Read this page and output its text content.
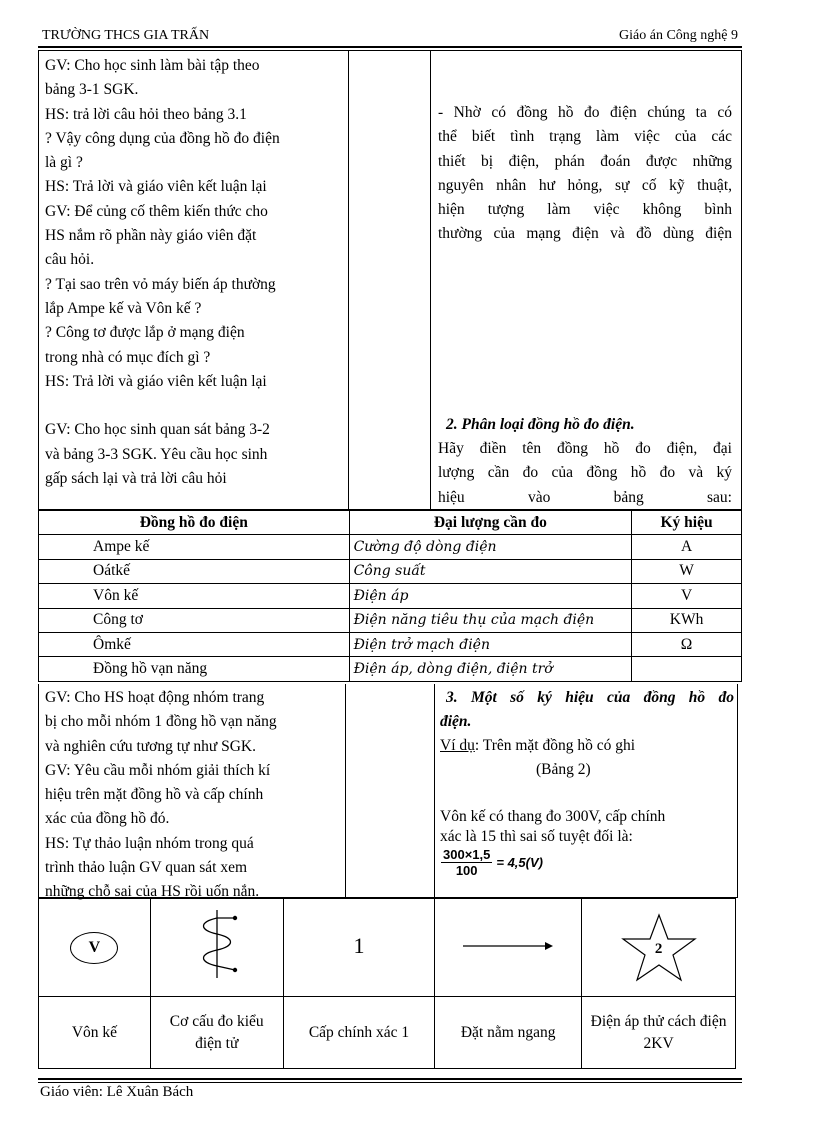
TRƯỜNG THCS GIA TRẤN	Giáo án Công nghệ 9
GV: Cho học sinh làm bài tập theo
bảng 3-1 SGK.
HS: trả lời câu hỏi theo bảng 3.1
? Vậy công dụng của đồng hồ đo điện
là gì ?
HS: Trả lời và giáo viên kết luận lại
GV: Để củng cố thêm kiến thức cho
HS nắm rõ phần này giáo viên đặt
câu hỏi.
? Tại sao trên vỏ máy biến áp thường
lắp Ampe kế và Vôn kế ?
? Công tơ được lắp ở mạng điện
trong nhà có mục đích gì ?
HS: Trả lời và giáo viên kết luận lại
GV: Cho học sinh quan sát bảng 3-2
và bảng 3-3 SGK. Yêu cầu học sinh
gấp sách lại và trả lời câu hỏi
- Nhờ có đồng hồ đo điện chúng ta có
thể biết tình trạng làm việc của các
thiết bị điện, phán đoán được những
nguyên nhân hư hỏng, sự cố kỹ thuật,
hiện tượng làm việc không bình
thường của mạng điện và đồ dùng điện
2. Phân loại đồng hồ đo điện.
Hãy điền tên đồng hồ đo điện, đại
lượng cần đo của đồng hồ đo và ký
hiệu vào bảng sau:
Đồng hồ đo điện	Đại lượng cần đo	Ký hiệu
Ampe kế	Cường độ dòng điện	A
Oátkế	Công suất	W
Vôn kế	Điện áp	V
Công tơ	Điện năng tiêu thụ của mạch điện	KWh
Ômkế	Điện trở mạch điện	Ω
Đồng hồ vạn năng	Điện áp, dòng điện, điện trở	
GV: Cho HS hoạt động nhóm trang
bị cho mỗi nhóm 1 đồng hồ vạn năng
và nghiên cứu tương tự như SGK.
GV: Yêu cầu mỗi nhóm giải thích kí
hiệu trên mặt đồng hồ và cấp chính
xác của đồng hồ đó.
HS: Tự thảo luận nhóm trong quá
trình thảo luận GV quan sát xem
những chỗ sai của HS rồi uốn nắn.
3. Một số ký hiệu của đồng hồ đo
điện.
Ví dụ: Trên mặt đồng hồ có ghi
(Bảng 2)
Vôn kế có thang đo 300V, cấp chính
xác là 15 thì sai số tuyệt đối là:
$\frac{300\times 1,5}{100} = 4,5(V)$
V		1		2

Vôn kế	Cơ cấu đo kiểu điện tử	Cấp chính xác 1	Đặt nằm ngang	Điện áp thử cách điện 2KV
Giáo viên: Lê Xuân Bách
